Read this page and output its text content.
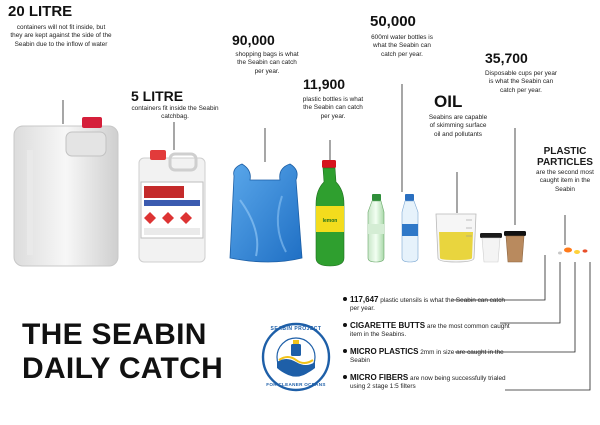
lemon
20 LITRE
containers will not fit inside, but they are kept against the side of the Seabin due to the inflow of water
5 LITRE
containers fit inside the Seabin catchbag.
90,000
shopping bags is what the Seabin can catch per year.
11,900
plastic bottles is what the Seabin can catch per year.
50,000
600ml water bottles is what the Seabin can catch per year.
OIL
Seabins are capable of skimming surface oil and pollutants
35,700
Disposable cups per year is what the Seabin can catch per year.
PLASTIC
PARTICLES
are the second most caught item in the Seabin
THE SEABIN
DAILY CATCH
SEABIN PROJECT
FOR CLEANER OCEANS
117,647 plastic utensils is what the Seabin can catch per year.
CIGARETTE BUTTS are the most common caught item in the Seabins.
MICRO PLASTICS 2mm in size are caught in the Seabin
MICRO FIBERS are now being successfully trialed using 2 stage 1:5 filters
